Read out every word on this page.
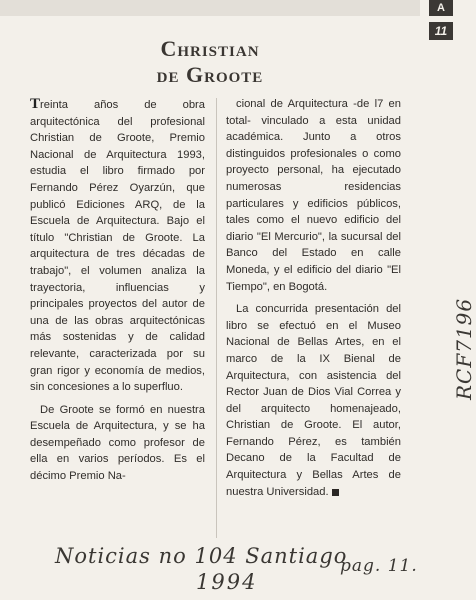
A
11
Christian
de Groote

Treinta años de obra arquitectónica del profesional Christian de Groote, Premio Nacional de Arquitectura 1993, estudia el libro firmado por Fernando Pérez Oyarzún, que publicó Ediciones ARQ, de la Escuela de Arquitectura. Bajo el título "Christian de Groote. La arquitectura de tres décadas de trabajo", el volumen analiza la trayectoria, influencias y principales proyectos del autor de una de las obras arquitectónicas más sostenidas y de calidad relevante, caracterizada por su gran rigor y economía de medios, sin concesiones a lo superfluo.

De Groote se formó en nuestra Escuela de Arquitectura, y se ha desempeñado como profesor de ella en varios períodos. Es el décimo Premio Na-

cional de Arquitectura -de l7 en total- vinculado a esta unidad académica. Junto a otros distinguidos profesionales o como proyecto personal, ha ejecutado numerosas residencias particulares y edificios públicos, tales como el nuevo edificio del diario "El Mercurio", la sucursal del Banco del Estado en calle Moneda, y el edificio del diario "El Tiempo", en Bogotá.

La concurrida presentación del libro se efectuó en el Museo Nacional de Bellas Artes, en el marco de la IX Bienal de Arquitectura, con asistencia del Rector Juan de Dios Vial Correa y del arquitecto homenajeado, Christian de Groote. El autor, Fernando Pérez, es también Decano de la Facultad de Arquitectura y Bellas Artes de nuestra Universidad.

Noticias no 104 Santiago
1994
pag. 11.
RCF7196
